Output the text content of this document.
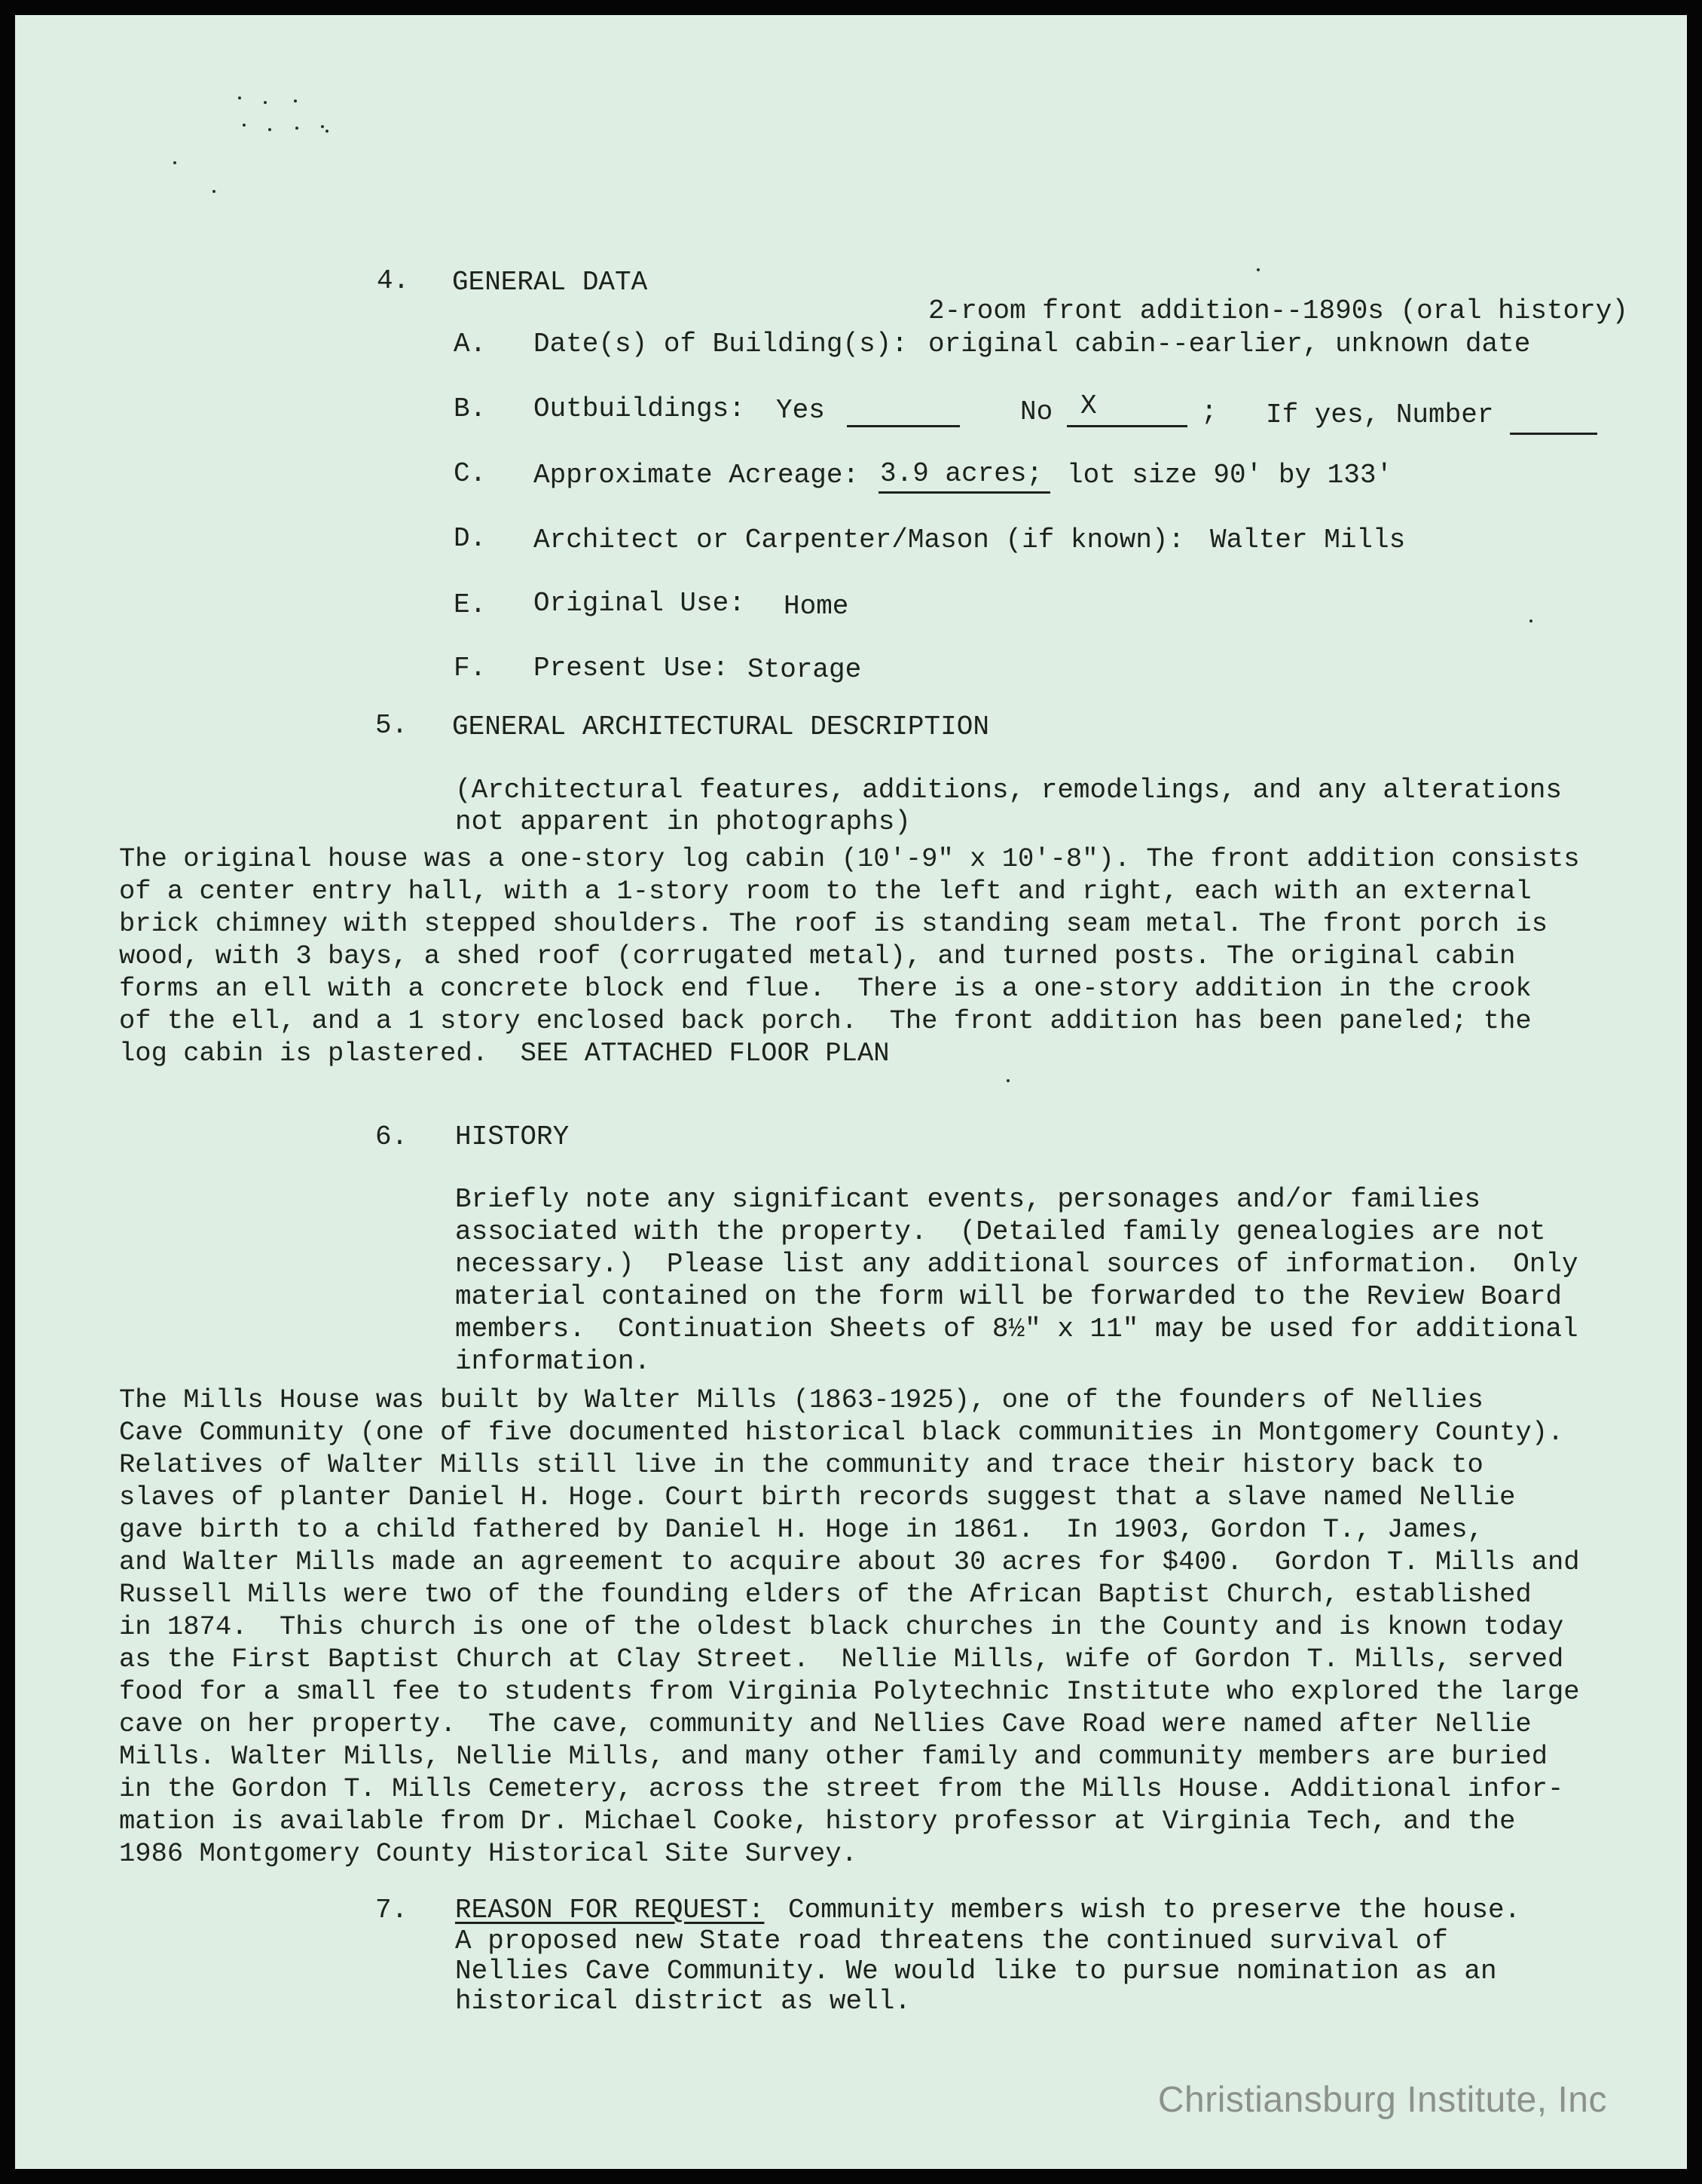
4. GENERAL DATA
2-room front addition--1890s (oral history)
A. Date(s) of Building(s): original cabin--earlier, unknown date
B. Outbuildings: Yes	No X	; If yes, Number
C. Approximate Acreage: 3.9 acres; lot size 90' by 133'
D. Architect or Carpenter/Mason (if known): Walter Mills
E. Original Use: Home
F. Present Use: Storage
5. GENERAL ARCHITECTURAL DESCRIPTION
(Architectural features, additions, remodelings, and any alterations
not apparent in photographs)
The original house was a one-story log cabin (10'-9" x 10'-8"). The front addition consists
of a center entry hall, with a 1-story room to the left and right, each with an external
brick chimney with stepped shoulders. The roof is standing seam metal. The front porch is
wood, with 3 bays, a shed roof (corrugated metal), and turned posts. The original cabin
forms an ell with a concrete block end flue.  There is a one-story addition in the crook
of the ell, and a 1 story enclosed back porch.  The front addition has been paneled; the
log cabin is plastered.  SEE ATTACHED FLOOR PLAN
6. HISTORY
Briefly note any significant events, personages and/or families
associated with the property.  (Detailed family genealogies are not
necessary.)  Please list any additional sources of information.  Only
material contained on the form will be forwarded to the Review Board
members.  Continuation Sheets of 8½" x 11" may be used for additional
information.
The Mills House was built by Walter Mills (1863-1925), one of the founders of Nellies
Cave Community (one of five documented historical black communities in Montgomery County).
Relatives of Walter Mills still live in the community and trace their history back to
slaves of planter Daniel H. Hoge. Court birth records suggest that a slave named Nellie
gave birth to a child fathered by Daniel H. Hoge in 1861.  In 1903, Gordon T., James,
and Walter Mills made an agreement to acquire about 30 acres for $400.  Gordon T. Mills and
Russell Mills were two of the founding elders of the African Baptist Church, established
in 1874.  This church is one of the oldest black churches in the County and is known today
as the First Baptist Church at Clay Street.  Nellie Mills, wife of Gordon T. Mills, served
food for a small fee to students from Virginia Polytechnic Institute who explored the large
cave on her property.  The cave, community and Nellies Cave Road were named after Nellie
Mills. Walter Mills, Nellie Mills, and many other family and community members are buried
in the Gordon T. Mills Cemetery, across the street from the Mills House. Additional infor-
mation is available from Dr. Michael Cooke, history professor at Virginia Tech, and the
1986 Montgomery County Historical Site Survey.
7. REASON FOR REQUEST: Community members wish to preserve the house.
A proposed new State road threatens the continued survival of
Nellies Cave Community. We would like to pursue nomination as an
historical district as well.
Christiansburg Institute, Inc
